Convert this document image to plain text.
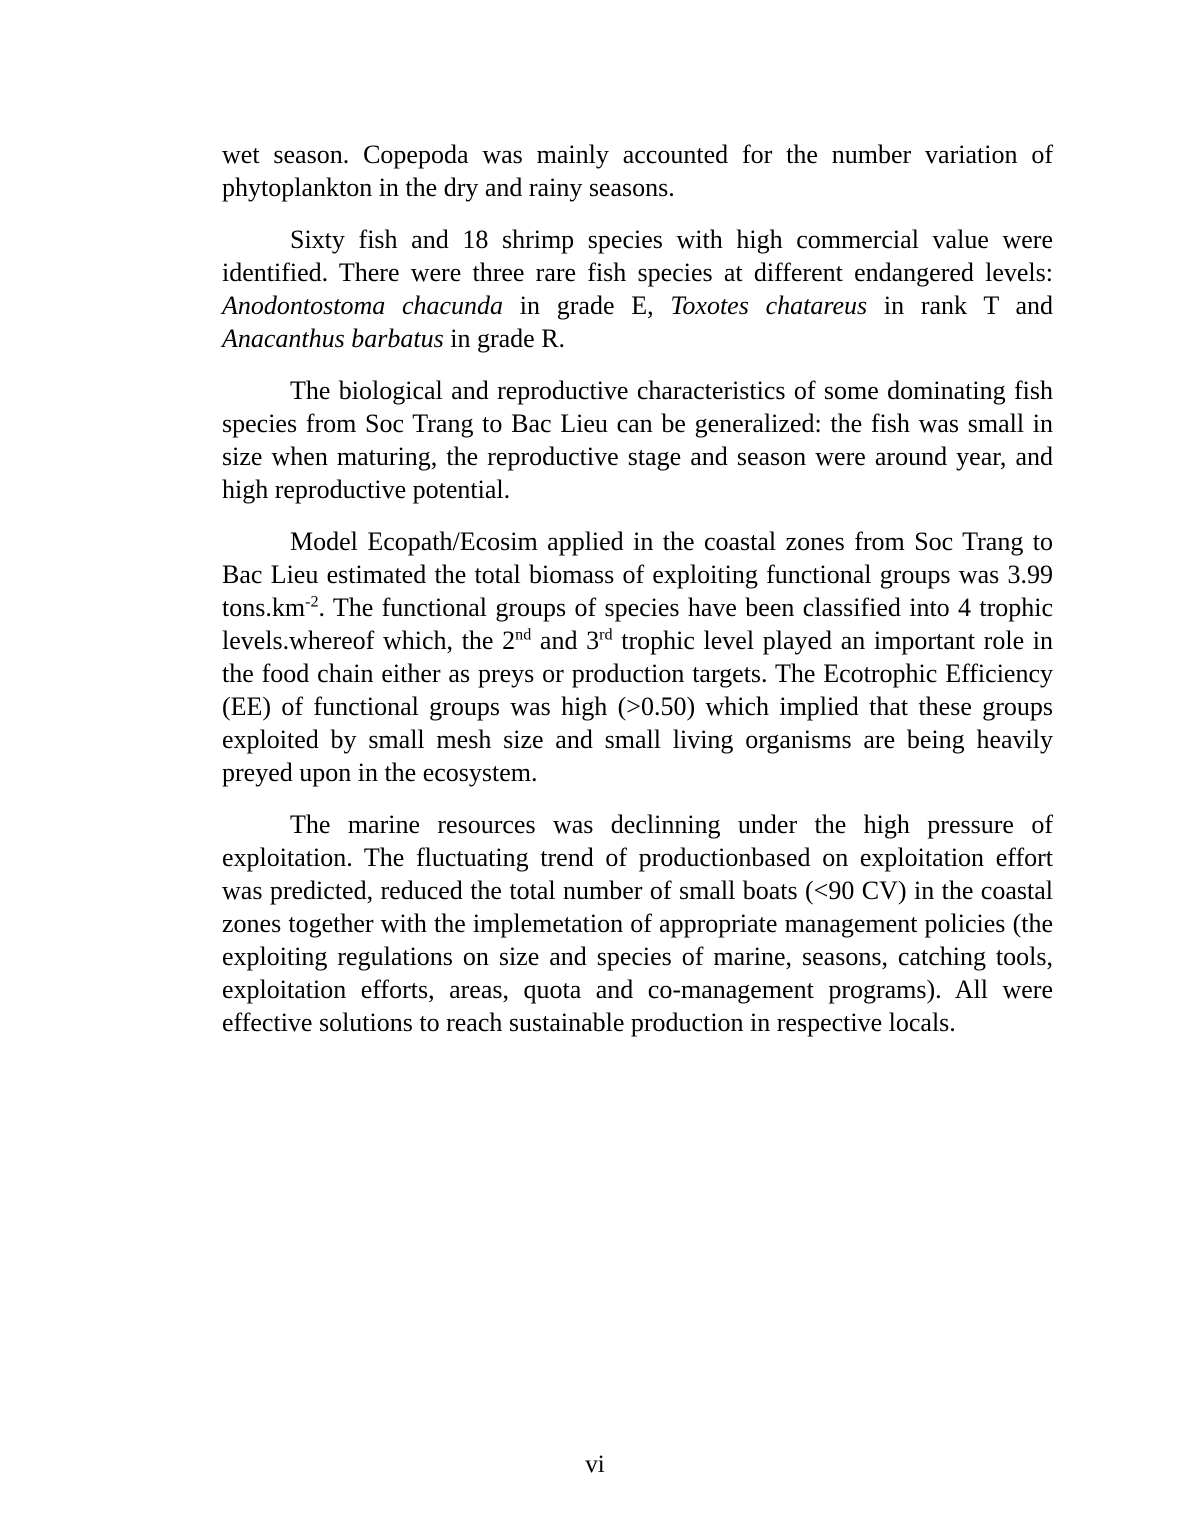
wet season. Copepoda was mainly accounted for the number variation of phytoplankton in the dry and rainy seasons.

Sixty fish and 18 shrimp species with high commercial value were identified. There were three rare fish species at different endangered levels: Anodontostoma chacunda in grade E, Toxotes chatareus in rank T and Anacanthus barbatus in grade R.

The biological and reproductive characteristics of some dominating fish species from Soc Trang to Bac Lieu can be generalized: the fish was small in size when maturing, the reproductive stage and season were around year, and high reproductive potential.

Model Ecopath/Ecosim applied in the coastal zones from Soc Trang to Bac Lieu estimated the total biomass of exploiting functional groups was 3.99 $tons.km^{-2}$. The functional groups of species have been classified into 4 trophic levels.whereof which, the 2nd and 3rd trophic level played an important role in the food chain either as preys or production targets. The Ecotrophic Efficiency (EE) of functional groups was high (>0.50) which implied that these groups exploited by small mesh size and small living organisms are being heavily preyed upon in the ecosystem.

The marine resources was declinning under the high pressure of exploitation. The fluctuating trend of productionbased on exploitation effort was predicted, reduced the total number of small boats (<90 CV) in the coastal zones together with the implemetation of appropriate management policies (the exploiting regulations on size and species of marine, seasons, catching tools, exploitation efforts, areas, quota and co-management programs). All were effective solutions to reach sustainable production in respective locals.

vi
